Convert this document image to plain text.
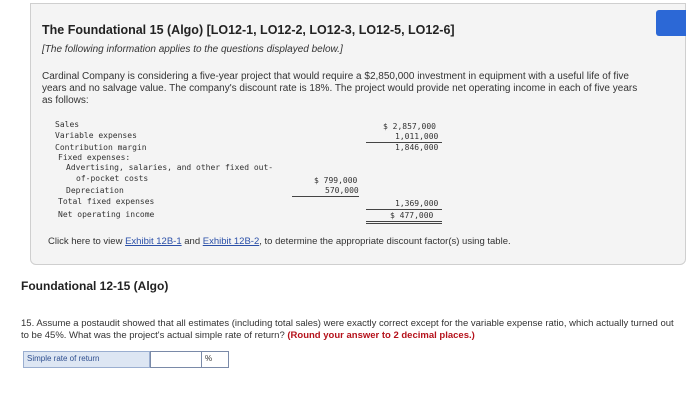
The Foundational 15 (Algo) [LO12-1, LO12-2, LO12-3, LO12-5, LO12-6]
[The following information applies to the questions displayed below.]
Cardinal Company is considering a five-year project that would require a $2,850,000 investment in equipment with a useful life of five years and no salvage value. The company's discount rate is 18%. The project would provide net operating income in each of five years as follows:
Sales	$ 2,857,000
Variable expenses	1,011,000
Contribution margin	1,846,000
Fixed expenses:
Advertising, salaries, and other fixed out-
of-pocket costs	$ 799,000
Depreciation	570,000
Total fixed expenses	1,369,000
Net operating income	$ 477,000
Click here to view Exhibit 12B-1 and Exhibit 12B-2, to determine the appropriate discount factor(s) using table.
Foundational 12-15 (Algo)
15. Assume a postaudit showed that all estimates (including total sales) were exactly correct except for the variable expense ratio, which actually turned out to be 45%. What was the project's actual simple rate of return? (Round your answer to 2 decimal places.)
Simple rate of return	%
